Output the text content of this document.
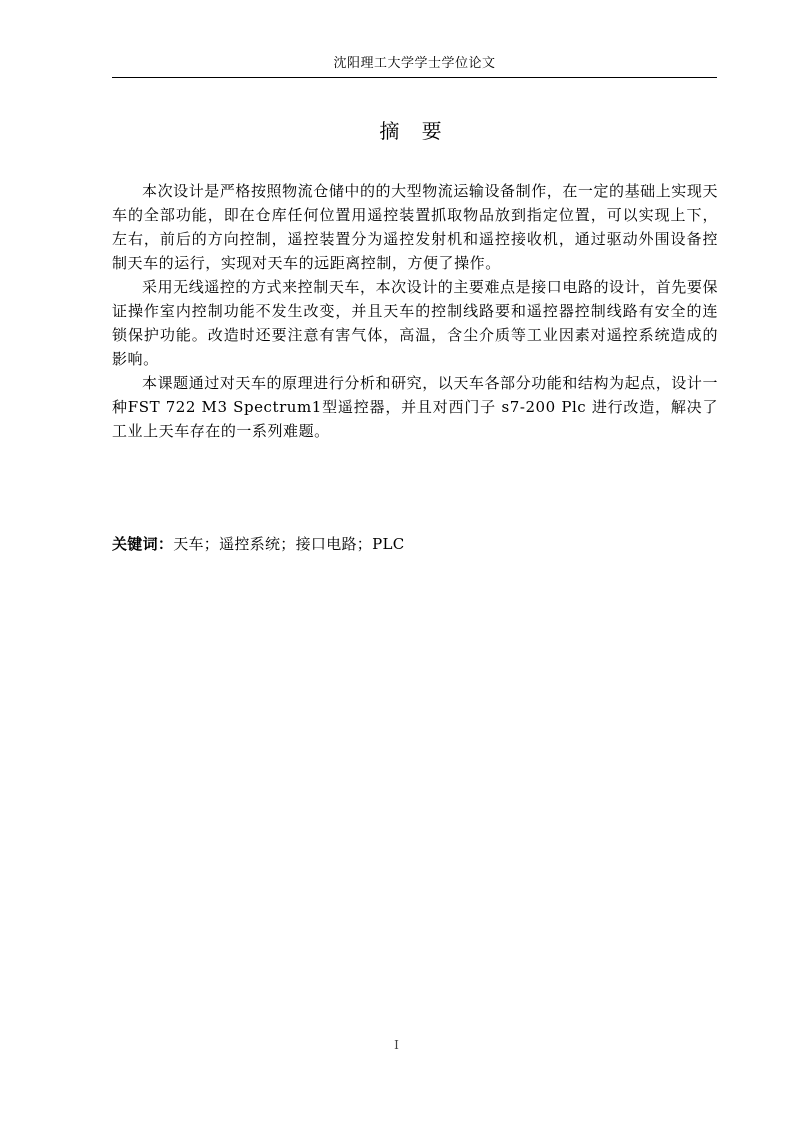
沈阳理工大学学士学位论文
摘 要

本次设计是严格按照物流仓储中的的大型物流运输设备制作，在一定的基础上实现天车的全部功能，即在仓库任何位置用遥控装置抓取物品放到指定位置，可以实现上下，左右，前后的方向控制，遥控装置分为遥控发射机和遥控接收机，通过驱动外围设备控制天车的运行，实现对天车的远距离控制，方便了操作。

采用无线遥控的方式来控制天车，本次设计的主要难点是接口电路的设计，首先要保证操作室内控制功能不发生改变，并且天车的控制线路要和遥控器控制线路有安全的连锁保护功能。改造时还要注意有害气体，高温，含尘介质等工业因素对遥控系统造成的影响。

本课题通过对天车的原理进行分析和研究，以天车各部分功能和结构为起点，设计一种FST 722 M3 Spectrum1型遥控器，并且对西门子 s7-200 Plc 进行改造，解决了工业上天车存在的一系列难题。

关键词：天车；遥控系统；接口电路；PLC
I
